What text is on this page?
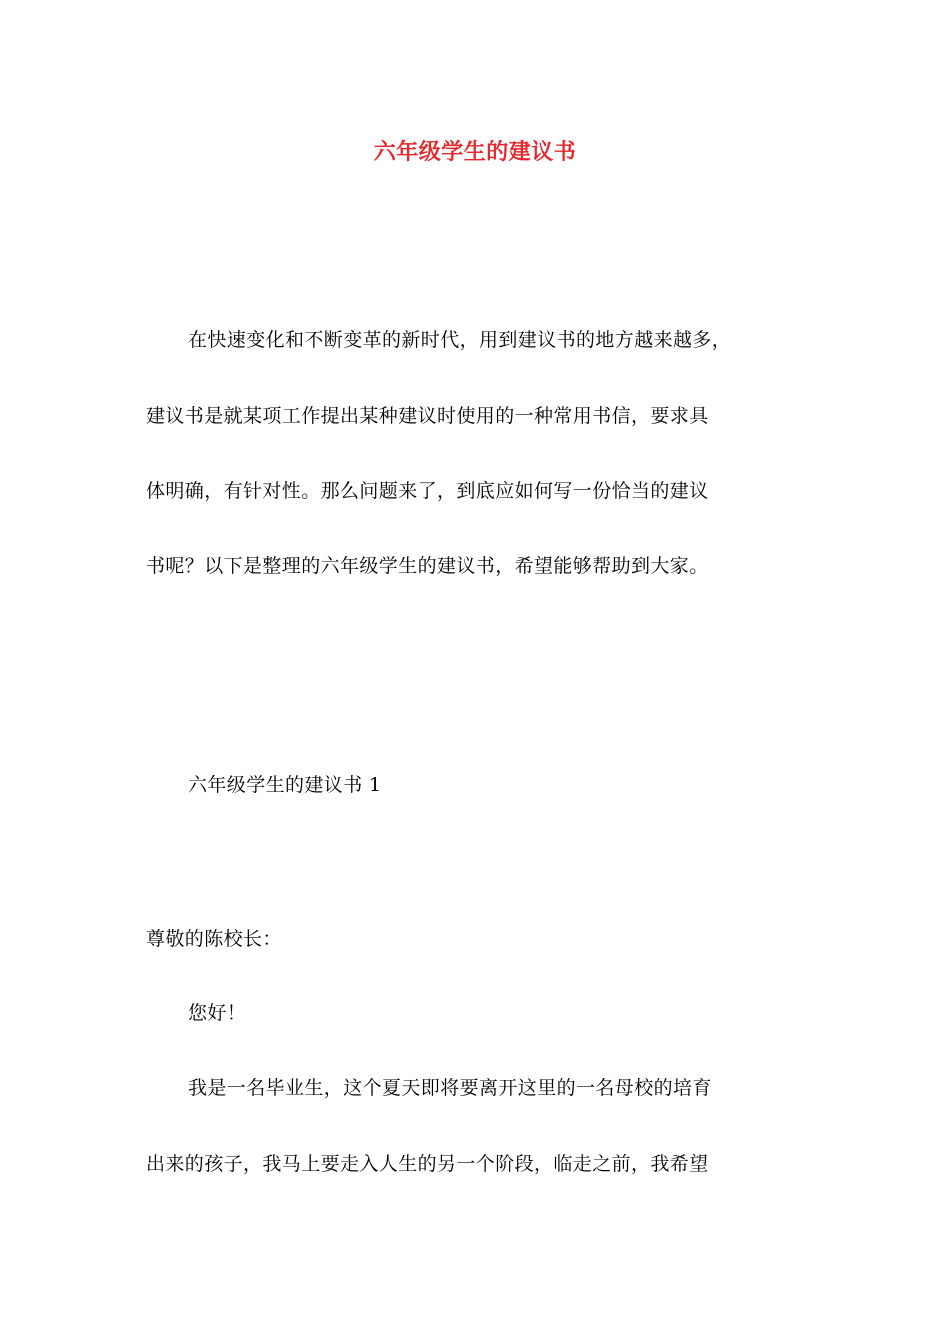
六年级学生的建议书
在快速变化和不断变革的新时代，用到建议书的地方越来越多，
建议书是就某项工作提出某种建议时使用的一种常用书信，要求具
体明确，有针对性。那么问题来了，到底应如何写一份恰当的建议
书呢？以下是整理的六年级学生的建议书，希望能够帮助到大家。
六年级学生的建议书 1
尊敬的陈校长：
您好！
我是一名毕业生，这个夏天即将要离开这里的一名母校的培育
出来的孩子，我马上要走入人生的另一个阶段，临走之前，我希望
